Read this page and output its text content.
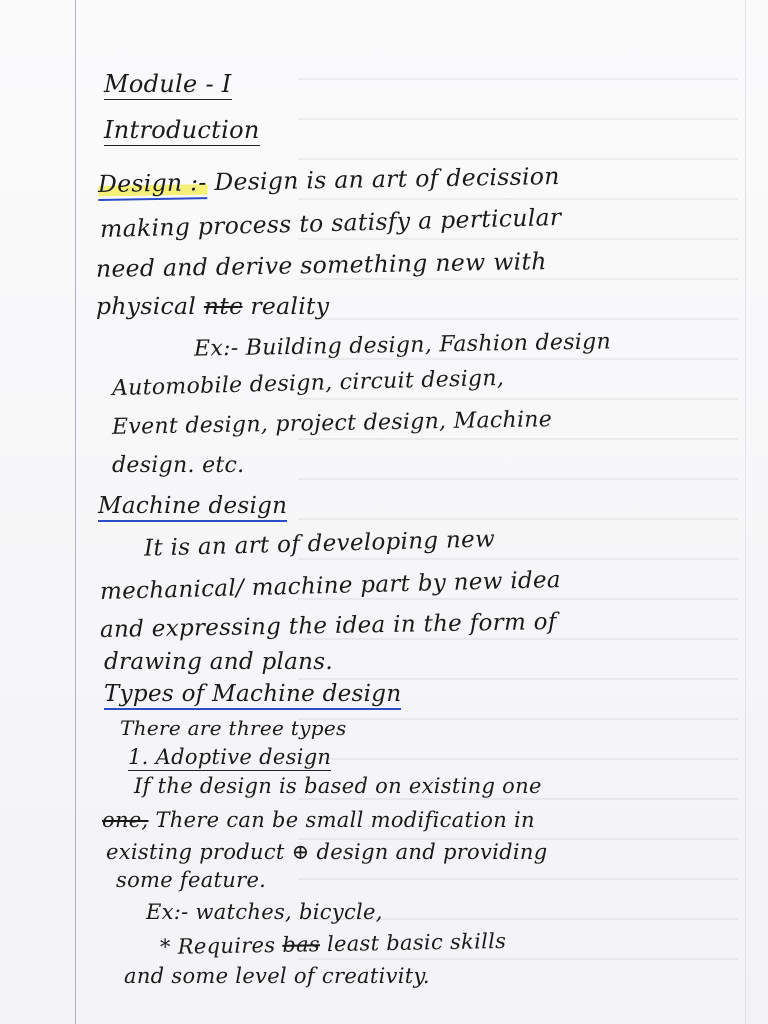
Module - I
Introduction
Design :- Design is an art of decission
making process to satisfy a perticular
need and derive something new with
physical ntc reality
Ex:- Building design, Fashion design
Automobile design, circuit design,
Event design, project design, Machine
design. etc.
Machine design
It is an art of developing new
mechanical/ machine part by new idea
and expressing the idea in the form of
drawing and plans.
Types of Machine design
There are three types
1. Adoptive design
If the design is based on existing one
one, There can be small modification in
existing product ⊕ design and providing
some feature.
Ex:- watches, bicycle,
* Requires bas least basic skills
and some level of creativity.
